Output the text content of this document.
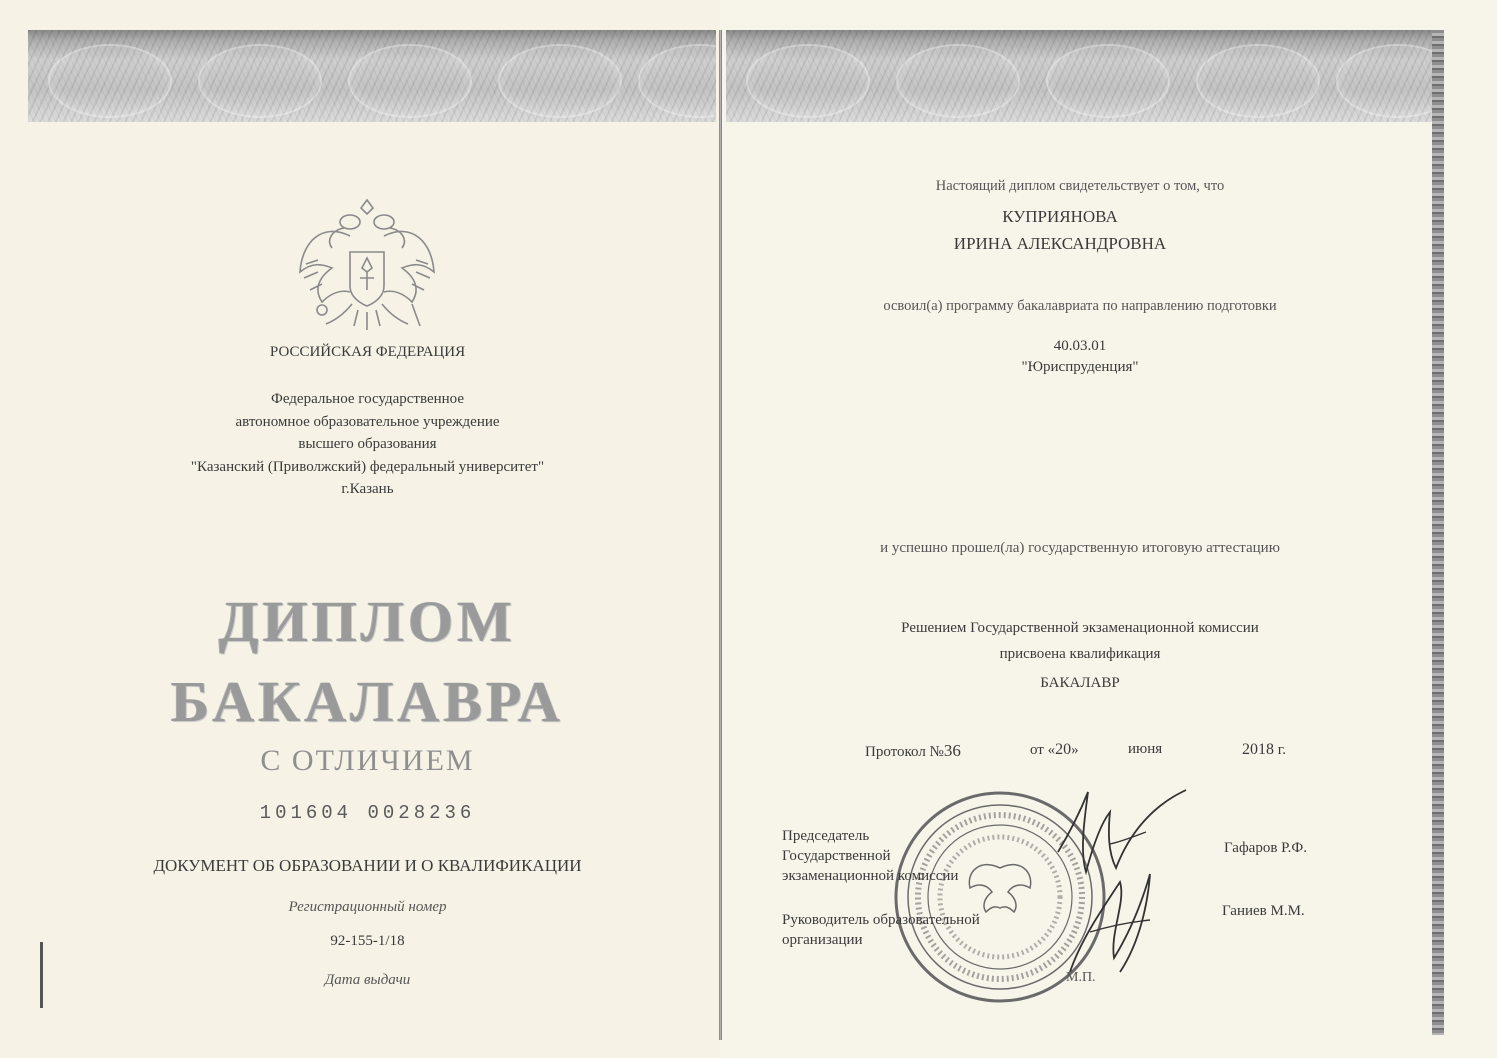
РОССИЙСКАЯ ФЕДЕРАЦИЯ
Федеральное государственное
автономное образовательное учреждение
высшего образования
"Казанский (Приволжский) федеральный университет"
г.Казань
ДИПЛОМ
БАКАЛАВРА
С ОТЛИЧИЕМ
101604 0028236
ДОКУМЕНТ ОБ ОБРАЗОВАНИИ И О КВАЛИФИКАЦИИ
Регистрационный номер
92-155-1/18
Дата выдачи
Настоящий диплом свидетельствует о том, что
КУПРИЯНОВА
ИРИНА АЛЕКСАНДРОВНА
освоил(а) программу бакалавриата по направлению подготовки
40.03.01
"Юриспруденция"
и успешно прошел(ла) государственную итоговую аттестацию
Решением Государственной экзаменационной комиссии
присвоена квалификация
БАКАЛАВР
Протокол №36	от «20»	июня	2018 г.
Председатель
Государственной
экзаменационной комиссии
Гафаров Р.Ф.
Руководитель образовательной
организации
Ганиев М.М.
М.П.
